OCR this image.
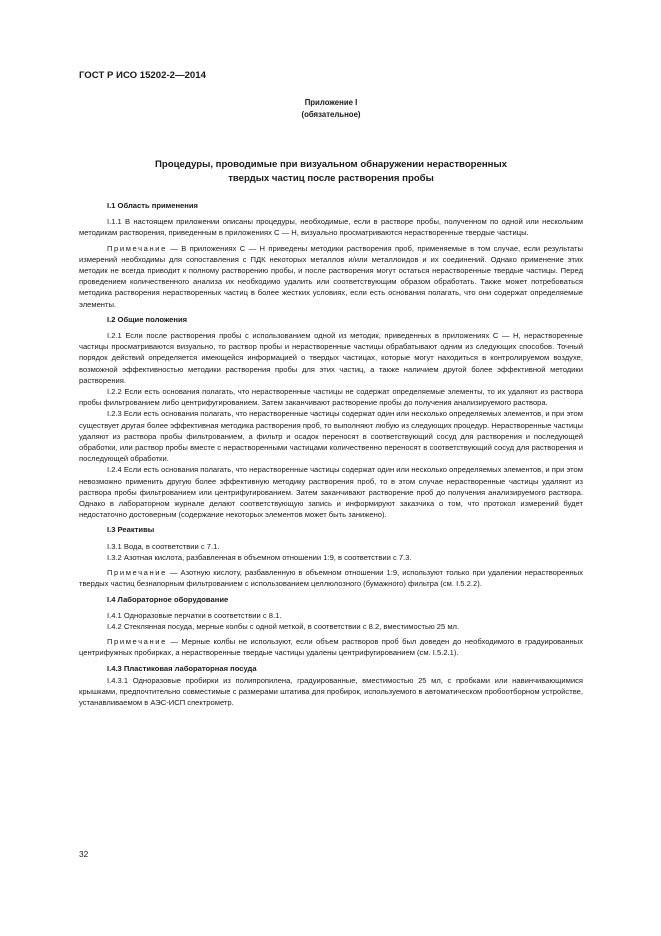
ГОСТ Р ИСО 15202-2—2014
Приложение I
(обязательное)
Процедуры, проводимые при визуальном обнаружении нерастворенных
твердых частиц после растворения пробы
I.1 Область применения
I.1.1 В настоящем приложении описаны процедуры, необходимые, если в растворе пробы, полученном по одной или нескольким методикам растворения, приведенным в приложениях С — Н, визуально просматриваются нерастворенные твердые частицы.
Примечание — В приложениях С — Н приведены методики растворения проб, применяемые в том случае, если результаты измерений необходимы для сопоставления с ПДК некоторых металлов и/или металлоидов и их соединений. Однако применение этих методик не всегда приводит к полному растворению пробы, и после растворения могут остаться нерастворенные твердые частицы. Перед проведением количественного анализа их необходимо удалить или соответствующим образом обработать. Также может потребоваться методика растворения нерастворенных частиц в более жестких условиях, если есть основания полагать, что они содержат определяемые элементы.
I.2 Общие положения
I.2.1 Если после растворения пробы с использованием одной из методик, приведенных в приложениях С — Н, нерастворенные частицы просматриваются визуально, то раствор пробы и нерастворенные частицы обрабатывают одним из следующих способов. Точный порядок действий определяется имеющейся информацией о твердых частицах, которые могут находиться в контролируемом воздухе, возможной эффективностью методики растворения пробы для этих частиц, а также наличием другой более эффективной методики растворения.
I.2.2 Если есть основания полагать, что нерастворенные частицы не содержат определяемые элементы, то их удаляют из раствора пробы фильтрованием либо центрифугированием. Затем заканчивают растворение пробы до получения анализируемого раствора.
I.2.3 Если есть основания полагать, что нерастворенные частицы содержат один или несколько определяемых элементов, и при этом существует другая более эффективная методика растворения проб, то выполняют любую из следующих процедур. Нерастворенные частицы удаляют из раствора пробы фильтрованием, а фильтр и осадок переносят в соответствующий сосуд для растворения и последующей обработки, или раствор пробы вместе с нерастворенными частицами количественно переносят в соответствующий сосуд для растворения и последующей обработки.
I.2.4 Если есть основания полагать, что нерастворенные частицы содержат один или несколько определяемых элементов, и при этом невозможно применить другую более эффективную методику растворения проб, то в этом случае нерастворенные частицы удаляют из раствора пробы фильтрованием или центрифугированием. Затем заканчивают растворение проб до получения анализируемого раствора. Однако в лабораторном журнале делают соответствующую запись и информируют заказчика о том, что протокол измерений будет недостаточно достоверным (содержание некоторых элементов может быть занижено).
I.3 Реактивы
I.3.1 Вода, в соответствии с 7.1.
I.3.2 Азотная кислота, разбавленная в объемном отношении 1:9, в соответствии с 7.3.
Примечание — Азотную кислоту, разбавленную в объемном отношении 1:9, используют только при удалении нерастворенных твердых частиц безнапорным фильтрованием с использованием целлюлозного (бумажного) фильтра (см. I.5.2.2).
I.4 Лабораторное оборудование
I.4.1 Одноразовые перчатки в соответствии с 8.1.
I.4.2 Стеклянная посуда, мерные колбы с одной меткой, в соответствии с 8.2, вместимостью 25 мл.
Примечание — Мерные колбы не используют, если объем растворов проб был доведен до необходимого в градуированных центрифужных пробирках, а нерастворенные твердые частицы удалены центрифугированием (см. I.5.2.1).
I.4.3 Пластиковая лабораторная посуда
I.4.3.1 Одноразовые пробирки из полипропилена, градуированные, вместимостью 25 мл, с пробками или навинчивающимися крышками, предпочтительно совместимые с размерами штатива для пробирок, используемого в автоматическом пробоотборном устройстве, устанавливаемом в АЭС-ИСП спектрометр.
32
